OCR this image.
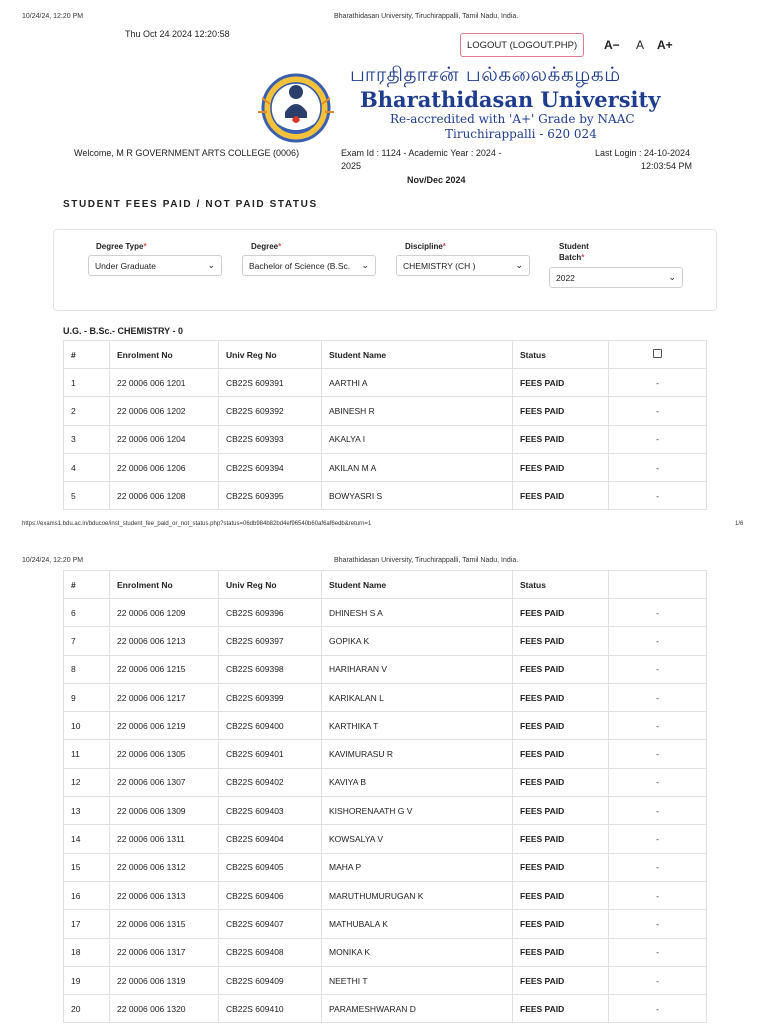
10/24/24, 12:20 PM	Bharathidasan University, Tiruchirappalli, Tamil Nadu, India.
Thu Oct 24 2024 12:20:58
LOGOUT (LOGOUT.PHP)	A− A A+
பாரதிதாசன் பல்கலைக்கழகம்
Bharathidasan University
Re-accredited with 'A+' Grade by NAAC
Tiruchirappalli - 620 024
Welcome, M R GOVERNMENT ARTS COLLEGE (0006)	Exam Id : 1124 - Academic Year : 2024 -
2025
Last Login : 24-10-2024
12:03:54 PM
Nov/Dec 2024
STUDENT FEES PAID / NOT PAID STATUS
Degree Type*
Under Graduate	⌄
Degree*
Bachelor of Science (B.Sc. ⌄
Discipline*
CHEMISTRY (CH )	⌄
Student
Batch*
2022	⌄
U.G. - B.Sc.- CHEMISTRY - 0
#	Enrolment No	Univ Reg No	Student Name	Status	
1	22 0006 006 1201	CB22S 609391	AARTHI A	FEES PAID	-
2	22 0006 006 1202	CB22S 609392	ABINESH R	FEES PAID	-
3	22 0006 006 1204	CB22S 609393	AKALYA I	FEES PAID	-
4	22 0006 006 1206	CB22S 609394	AKILAN M A	FEES PAID	-
5	22 0006 006 1208	CB22S 609395	BOWYASRI S	FEES PAID	-
https://exams1.bdu.ac.in/bducoe/inst_student_fee_paid_or_not_status.php?status=06db984b82bd4ef96540b60af6af6edb&return=1	1/6
10/24/24, 12:20 PM	Bharathidasan University, Tiruchirappalli, Tamil Nadu, India.
#	Enrolment No	Univ Reg No	Student Name	Status	
6	22 0006 006 1209	CB22S 609396	DHINESH S A	FEES PAID	-
7	22 0006 006 1213	CB22S 609397	GOPIKA K	FEES PAID	-
8	22 0006 006 1215	CB22S 609398	HARIHARAN V	FEES PAID	-
9	22 0006 006 1217	CB22S 609399	KARIKALAN L	FEES PAID	-
10	22 0006 006 1219	CB22S 609400	KARTHIKA T	FEES PAID	-
11	22 0006 006 1305	CB22S 609401	KAVIMURASU R	FEES PAID	-
12	22 0006 006 1307	CB22S 609402	KAVIYA B	FEES PAID	-
13	22 0006 006 1309	CB22S 609403	KISHORENAATH G V	FEES PAID	-
14	22 0006 006 1311	CB22S 609404	KOWSALYA V	FEES PAID	-
15	22 0006 006 1312	CB22S 609405	MAHA P	FEES PAID	-
16	22 0006 006 1313	CB22S 609406	MARUTHUMURUGAN K	FEES PAID	-
17	22 0006 006 1315	CB22S 609407	MATHUBALA K	FEES PAID	-
18	22 0006 006 1317	CB22S 609408	MONIKA K	FEES PAID	-
19	22 0006 006 1319	CB22S 609409	NEETHI T	FEES PAID	-
20	22 0006 006 1320	CB22S 609410	PARAMESHWARAN D	FEES PAID	-
